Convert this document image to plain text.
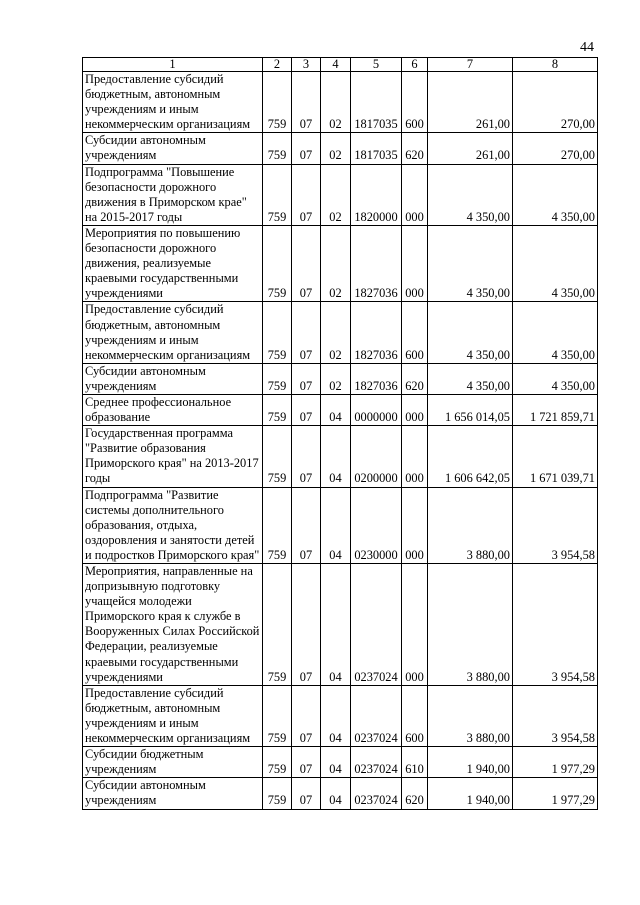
44
1	2	3	4	5	6	7	8
Предоставление субсидий бюджетным, автономным учреждениям и иным некоммерческим организациям	759	07	02	1817035	600	261,00	270,00
Субсидии автономным учреждениям	759	07	02	1817035	620	261,00	270,00
Подпрограмма "Повышение безопасности дорожного движения в Приморском крае" на 2015-2017 годы	759	07	02	1820000	000	4 350,00	4 350,00
Мероприятия по повышению безопасности дорожного движения, реализуемые краевыми государственными учреждениями	759	07	02	1827036	000	4 350,00	4 350,00
Предоставление субсидий бюджетным, автономным учреждениям и иным некоммерческим организациям	759	07	02	1827036	600	4 350,00	4 350,00
Субсидии автономным учреждениям	759	07	02	1827036	620	4 350,00	4 350,00
Среднее профессиональное образование	759	07	04	0000000	000	1 656 014,05	1 721 859,71
Государственная программа "Развитие образования Приморского края" на 2013-2017 годы	759	07	04	0200000	000	1 606 642,05	1 671 039,71
Подпрограмма "Развитие системы дополнительного образования, отдыха, оздоровления и занятости детей и подростков Приморского края"	759	07	04	0230000	000	3 880,00	3 954,58
Мероприятия, направленные на допризывную подготовку учащейся молодежи Приморского края к службе в Вооруженных Силах Российской Федерации, реализуемые краевыми государственными учреждениями	759	07	04	0237024	000	3 880,00	3 954,58
Предоставление субсидий бюджетным, автономным учреждениям и иным некоммерческим организациям	759	07	04	0237024	600	3 880,00	3 954,58
Субсидии бюджетным учреждениям	759	07	04	0237024	610	1 940,00	1 977,29
Субсидии автономным учреждениям	759	07	04	0237024	620	1 940,00	1 977,29
